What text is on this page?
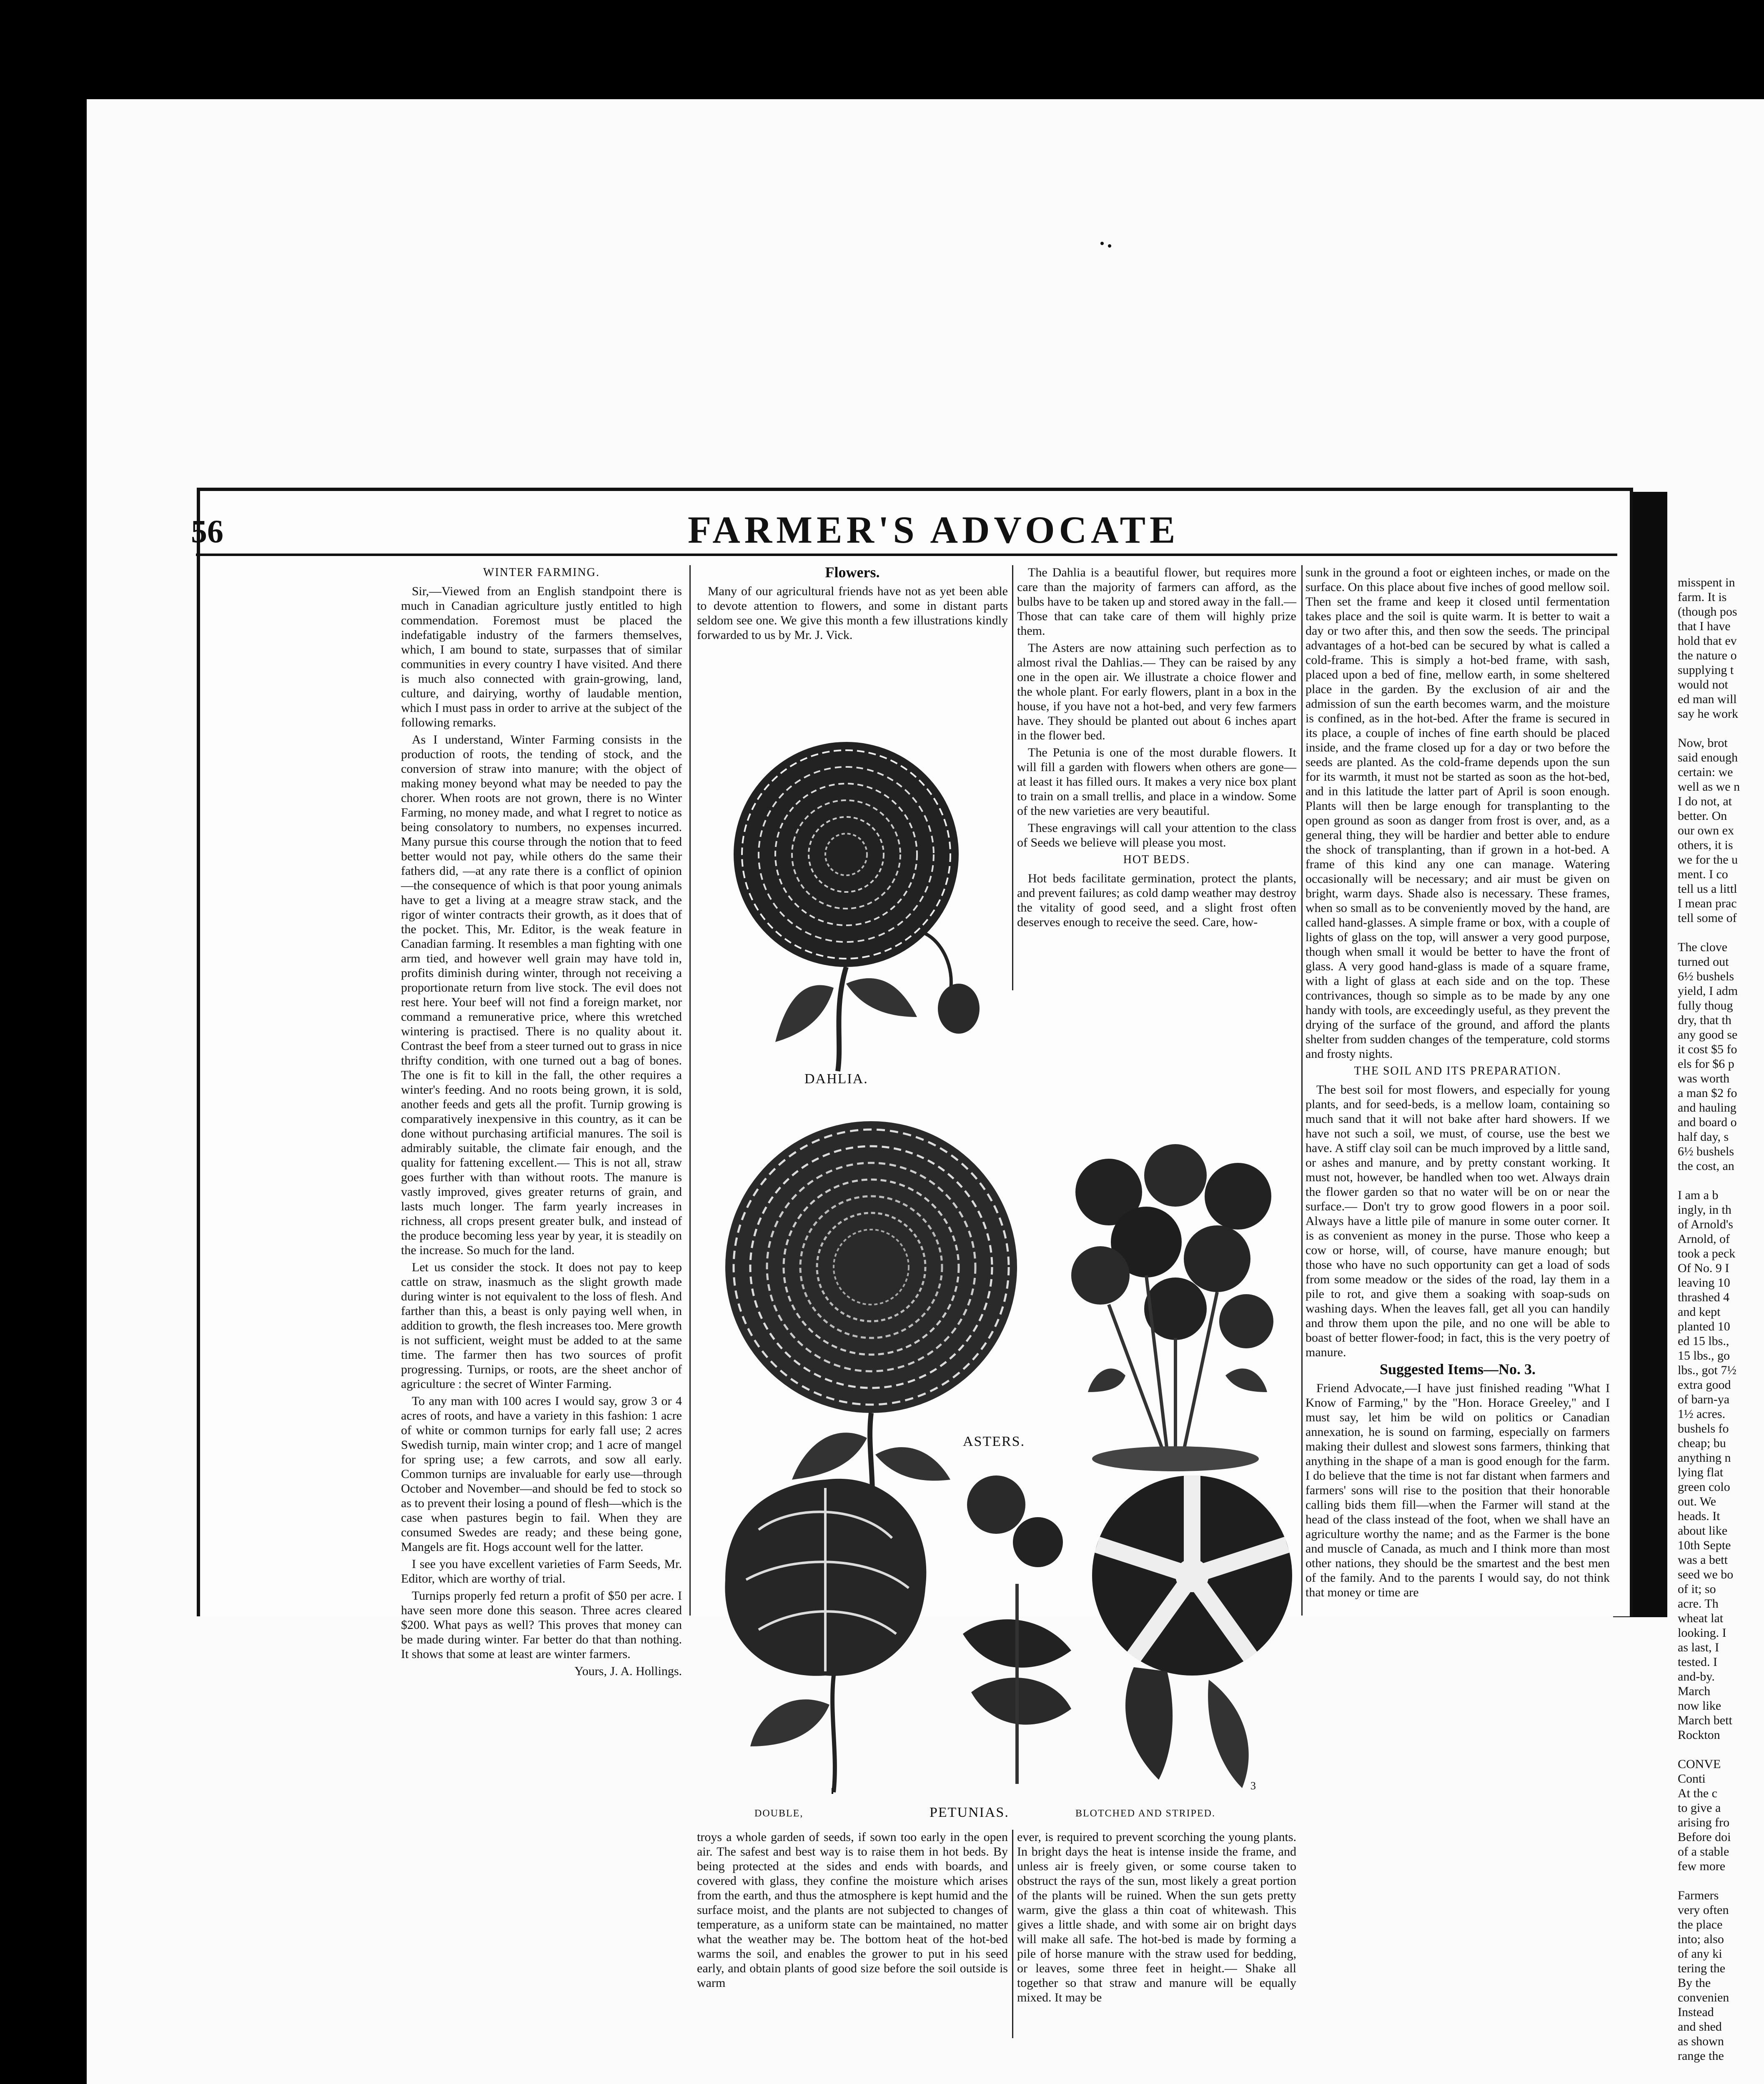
56	FARMER'S ADVOCATE
WINTER FARMING.

Sir,—Viewed from an English standpoint there is much in Canadian agriculture justly entitled to high commendation. Foremost must be placed the indefatigable industry of the farmers themselves, which, I am bound to state, surpasses that of similar communities in every country I have visited. And there is much also connected with grain-growing, land, culture, and dairying, worthy of laudable mention, which I must pass in order to arrive at the subject of the following remarks.

As I understand, Winter Farming consists in the production of roots, the tending of stock, and the conversion of straw into manure; with the object of making money beyond what may be needed to pay the chorer. When roots are not grown, there is no Winter Farming, no money made, and what I regret to notice as being consolatory to numbers, no expenses incurred. Many pursue this course through the notion that to feed better would not pay, while others do the same their fathers did, —at any rate there is a conflict of opinion —the consequence of which is that poor young animals have to get a living at a meagre straw stack, and the rigor of winter contracts their growth, as it does that of the pocket. This, Mr. Editor, is the weak feature in Canadian farming. It resembles a man fighting with one arm tied, and however well grain may have told in, profits diminish during winter, through not receiving a proportionate return from live stock. The evil does not rest here. Your beef will not find a foreign market, nor command a remunerative price, where this wretched wintering is practised. There is no quality about it. Contrast the beef from a steer turned out to grass in nice thrifty condition, with one turned out a bag of bones. The one is fit to kill in the fall, the other requires a winter's feeding. And no roots being grown, it is sold, another feeds and gets all the profit. Turnip growing is comparatively inexpensive in this country, as it can be done without purchasing artificial manures. The soil is admirably suitable, the climate fair enough, and the quality for fattening excellent.— This is not all, straw goes further with than without roots. The manure is vastly improved, gives greater returns of grain, and lasts much longer. The farm yearly increases in richness, all crops present greater bulk, and instead of the produce becoming less year by year, it is steadily on the increase. So much for the land.

Let us consider the stock. It does not pay to keep cattle on straw, inasmuch as the slight growth made during winter is not equivalent to the loss of flesh. And farther than this, a beast is only paying well when, in addition to growth, the flesh increases too. Mere growth is not sufficient, weight must be added to at the same time. The farmer then has two sources of profit progressing. Turnips, or roots, are the sheet anchor of agriculture : the secret of Winter Farming.

To any man with 100 acres I would say, grow 3 or 4 acres of roots, and have a variety in this fashion: 1 acre of white or common turnips for early fall use; 2 acres Swedish turnip, main winter crop; and 1 acre of mangel for spring use; a few carrots, and sow all early. Common turnips are invaluable for early use—through October and November—and should be fed to stock so as to prevent their losing a pound of flesh—which is the case when pastures begin to fail. When they are consumed Swedes are ready; and these being gone, Mangels are fit. Hogs account well for the latter.

I see you have excellent varieties of Farm Seeds, Mr. Editor, which are worthy of trial.

Turnips properly fed return a profit of $50 per acre. I have seen more done this season. Three acres cleared $200. What pays as well? This proves that money can be made during winter. Far better do that than nothing. It shows that some at least are winter farmers.

Yours, J. A. Hollings.
Flowers.

Many of our agricultural friends have not as yet been able to devote attention to flowers, and some in distant parts seldom see one. We give this month a few illustrations kindly forwarded to us by Mr. J. Vick.

The Dahlia is a beautiful flower, but requires more care than the majority of farmers can afford, as the bulbs have to be taken up and stored away in the fall.— Those that can take care of them will highly prize them.

The Asters are now attaining such perfection as to almost rival the Dahlias.— They can be raised by any one in the open air. We illustrate a choice flower and the whole plant. For early flowers, plant in a box in the house, if you have not a hot-bed, and very few farmers have. They should be planted out about 6 inches apart in the flower bed.

The Petunia is one of the most durable flowers. It will fill a garden with flowers when others are gone—at least it has filled ours. It makes a very nice box plant to train on a small trellis, and place in a window. Some of the new varieties are very beautiful.

These engravings will call your attention to the class of Seeds we believe will please you most.

HOT BEDS.

Hot beds facilitate germination, protect the plants, and prevent failures; as cold damp weather may destroy the vitality of good seed, and a slight frost often deserves enough to receive the seed. Care, how-

DAHLIA.
ASTERS.
3
DOUBLE,	PETUNIAS.	BLOTCHED AND STRIPED.

troys a whole garden of seeds, if sown too early in the open air. The safest and best way is to raise them in hot beds. By being protected at the sides and ends with boards, and covered with glass, they confine the moisture which arises from the earth, and thus the atmosphere is kept humid and the surface moist, and the plants are not subjected to changes of temperature, as a uniform state can be maintained, no matter what the weather may be. The bottom heat of the hot-bed warms the soil, and enables the grower to put in his seed early, and obtain plants of good size before the soil outside is warm

ever, is required to prevent scorching the young plants. In bright days the heat is intense inside the frame, and unless air is freely given, or some course taken to obstruct the rays of the sun, most likely a great portion of the plants will be ruined. When the sun gets pretty warm, give the glass a thin coat of whitewash. This gives a little shade, and with some air on bright days will make all safe. The hot-bed is made by forming a pile of horse manure with the straw used for bedding, or leaves, some three feet in height.— Shake all together so that straw and manure will be equally mixed. It may be

sunk in the ground a foot or eighteen inches, or made on the surface. On this place about five inches of good mellow soil. Then set the frame and keep it closed until fermentation takes place and the soil is quite warm. It is better to wait a day or two after this, and then sow the seeds. The principal advantages of a hot-bed can be secured by what is called a cold-frame. This is simply a hot-bed frame, with sash, placed upon a bed of fine, mellow earth, in some sheltered place in the garden. By the exclusion of air and the admission of sun the earth becomes warm, and the moisture is confined, as in the hot-bed. After the frame is secured in its place, a couple of inches of fine earth should be placed inside, and the frame closed up for a day or two before the seeds are planted. As the cold-frame depends upon the sun for its warmth, it must not be started as soon as the hot-bed, and in this latitude the latter part of April is soon enough. Plants will then be large enough for transplanting to the open ground as soon as danger from frost is over, and, as a general thing, they will be hardier and better able to endure the shock of transplanting, than if grown in a hot-bed. A frame of this kind any one can manage. Watering occasionally will be necessary; and air must be given on bright, warm days. Shade also is necessary. These frames, when so small as to be conveniently moved by the hand, are called hand-glasses. A simple frame or box, with a couple of lights of glass on the top, will answer a very good purpose, though when small it would be better to have the front of glass. A very good hand-glass is made of a square frame, with a light of glass at each side and on the top. These contrivances, though so simple as to be made by any one handy with tools, are exceedingly useful, as they prevent the drying of the surface of the ground, and afford the plants shelter from sudden changes of the temperature, cold storms and frosty nights.

THE SOIL AND ITS PREPARATION.

The best soil for most flowers, and especially for young plants, and for seed-beds, is a mellow loam, containing so much sand that it will not bake after hard showers. If we have not such a soil, we must, of course, use the best we have. A stiff clay soil can be much improved by a little sand, or ashes and manure, and by pretty constant working. It must not, however, be handled when too wet. Always drain the flower garden so that no water will be on or near the surface.— Don't try to grow good flowers in a poor soil. Always have a little pile of manure in some outer corner. It is as convenient as money in the purse. Those who keep a cow or horse, will, of course, have manure enough; but those who have no such opportunity can get a load of sods from some meadow or the sides of the road, lay them in a pile to rot, and give them a soaking with soap-suds on washing days. When the leaves fall, get all you can handily and throw them upon the pile, and no one will be able to boast of better flower-food; in fact, this is the very poetry of manure.

Suggested Items—No. 3.

Friend Advocate,—I have just finished reading "What I Know of Farming," by the "Hon. Horace Greeley," and I must say, let him be wild on politics or Canadian annexation, he is sound on farming, especially on farmers making their dullest and slowest sons farmers, thinking that anything in the shape of a man is good enough for the farm. I do believe that the time is not far distant when farmers and farmers' sons will rise to the position that their honorable calling bids them fill—when the Farmer will stand at the head of the class instead of the foot, when we shall have an agriculture worthy the name; and as the Farmer is the bone and muscle of Canada, as much and I think more than most other nations, they should be the smartest and the best men of the family. And to the parents I would say, do not think that money or time are

misspent in
farm. It is
(though pos
that I have
hold that ev
the nature o
supplying t
would not
ed man will
say he work

Now, brot
said enough
certain: we
well as we n
I do not, at
better. On
our own ex
others, it is
we for the u
ment. I co
tell us a littl
I mean prac
tell some of

The clove
turned out
6½ bushels
yield, I adm
fully thoug
dry, that th
any good se
it cost $5 fo
els for $6 p
was worth
a man $2 fo
and hauling
and board o
half day, s
6½ bushels
the cost, an

I am a b
ingly, in th
of Arnold's
Arnold, of
took a peck
Of No. 9 I
leaving 10
thrashed 4
and kept
planted 10
ed 15 lbs.,
15 lbs., go
lbs., got 7½
extra good
of barn-ya
1½ acres.
bushels fo
cheap; bu
anything n
lying flat
green colo
out. We
heads. It
about like
10th Septe
was a bett
seed we bo
of it; so
acre. Th
wheat lat
looking. I
as last, I
tested. I
and-by.
March
now like
March bett
Rockton

CONVE
Conti
At the c
to give a
arising fro
Before doi
of a stable
few more

Farmers
very often
the place
into; also
of any ki
tering the
By the
convenien
Instead
and shed
as shown
range the
